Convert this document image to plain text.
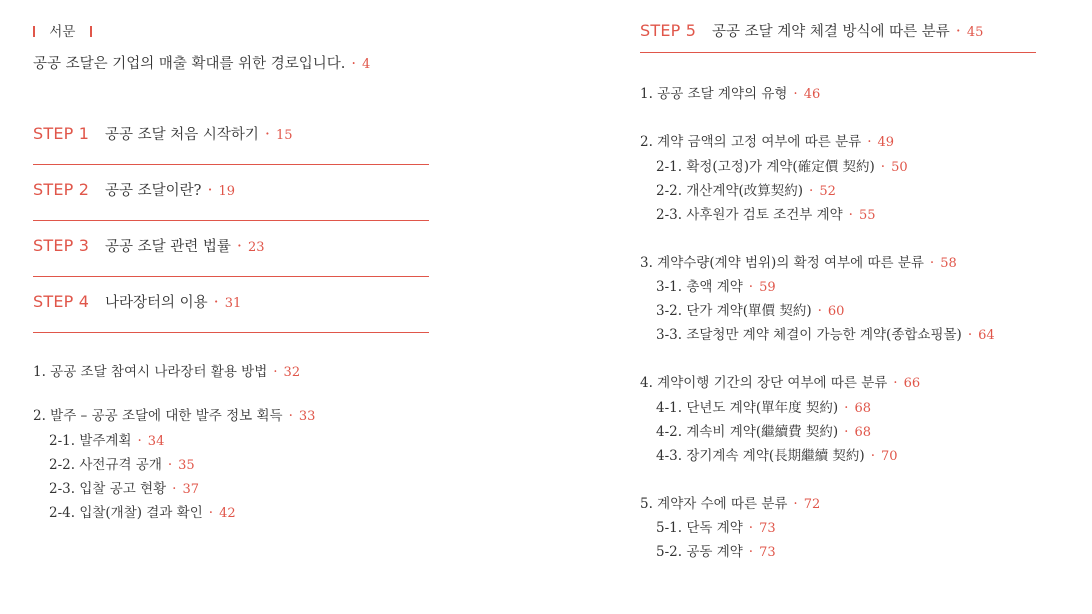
서문
공공 조달은 기업의 매출 확대를 위한 경로입니다. · 4
STEP 1 공공 조달 처음 시작하기 · 15
STEP 2 공공 조달이란? · 19
STEP 3 공공 조달 관련 법률 · 23
STEP 4 나라장터의 이용 · 31
1. 공공 조달 참여시 나라장터 활용 방법 · 32
2. 발주 – 공공 조달에 대한 발주 정보 획득 · 33
2-1. 발주계획 · 34
2-2. 사전규격 공개 · 35
2-3. 입찰 공고 현황 · 37
2-4. 입찰(개찰) 결과 확인 · 42
STEP 5 공공 조달 계약 체결 방식에 따른 분류 · 45
1. 공공 조달 계약의 유형 · 46
2. 계약 금액의 고정 여부에 따른 분류 · 49
2-1. 확정(고정)가 계약(確定價 契約) · 50
2-2. 개산계약(改算契約) · 52
2-3. 사후원가 검토 조건부 계약 · 55
3. 계약수량(계약 범위)의 확정 여부에 따른 분류 · 58
3-1. 총액 계약 · 59
3-2. 단가 계약(單價 契約) · 60
3-3. 조달청만 계약 체결이 가능한 계약(종합쇼핑몰) · 64
4. 계약이행 기간의 장단 여부에 따른 분류 · 66
4-1. 단년도 계약(單年度 契約) · 68
4-2. 계속비 계약(繼續費 契約) · 68
4-3. 장기계속 계약(長期繼續 契約) · 70
5. 계약자 수에 따른 분류 · 72
5-1. 단독 계약 · 73
5-2. 공동 계약 · 73
